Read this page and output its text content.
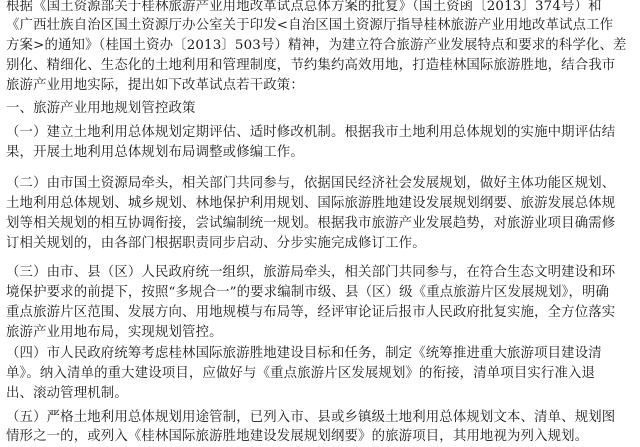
根据《国土资源部关于桂林旅游产业用地改革试点总体方案的批复》（国土资函〔2013〕374号）和
《广西壮族自治区国土资源厅办公室关于印发<自治区国土资源厅指导桂林旅游产业用地改革试点工作
方案>的通知》（桂国土资办〔2013〕503号）精神，为建立符合旅游产业发展特点和要求的科学化、差
别化、精细化、生态化的土地利用和管理制度，节约集约高效用地，打造桂林国际旅游胜地，结合我市
旅游产业用地实际，提出如下改革试点若干政策：
一、旅游产业用地规划管控政策
（一）建立土地利用总体规划定期评估、适时修改机制。根据我市土地利用总体规划的实施中期评估结
果，开展土地利用总体规划布局调整或修编工作。
（二）由市国土资源局牵头，相关部门共同参与，依据国民经济社会发展规划，做好主体功能区规划、
土地利用总体规划、城乡规划、林地保护利用规划、国际旅游胜地建设发展规划纲要、旅游发展总体规
划等相关规划的相互协调衔接，尝试编制统一规划。根据我市旅游产业发展趋势，对旅游业项目确需修
订相关规划的，由各部门根据职责同步启动、分步实施完成修订工作。
（三）由市、县（区）人民政府统一组织，旅游局牵头，相关部门共同参与，在符合生态文明建设和环
境保护要求的前提下，按照“多规合一”的要求编制市级、县（区）级《重点旅游片区发展规划》，明确
重点旅游片区范围、发展方向、用地规模与布局等，经评审论证后报市人民政府批复实施，全方位落实
旅游产业用地布局，实现规划管控。
（四）市人民政府统筹考虑桂林国际旅游胜地建设目标和任务，制定《统筹推进重大旅游项目建设清
单》。纳入清单的重大建设项目，应做好与《重点旅游片区发展规划》的衔接，清单项目实行准入退
出、滚动管理机制。
（五）严格土地利用总体规划用途管制，已列入市、县或乡镇级土地利用总体规划文本、清单、规划图
情形之一的，或列入《桂林国际旅游胜地建设发展规划纲要》的旅游项目，其用地视为列入规划。
